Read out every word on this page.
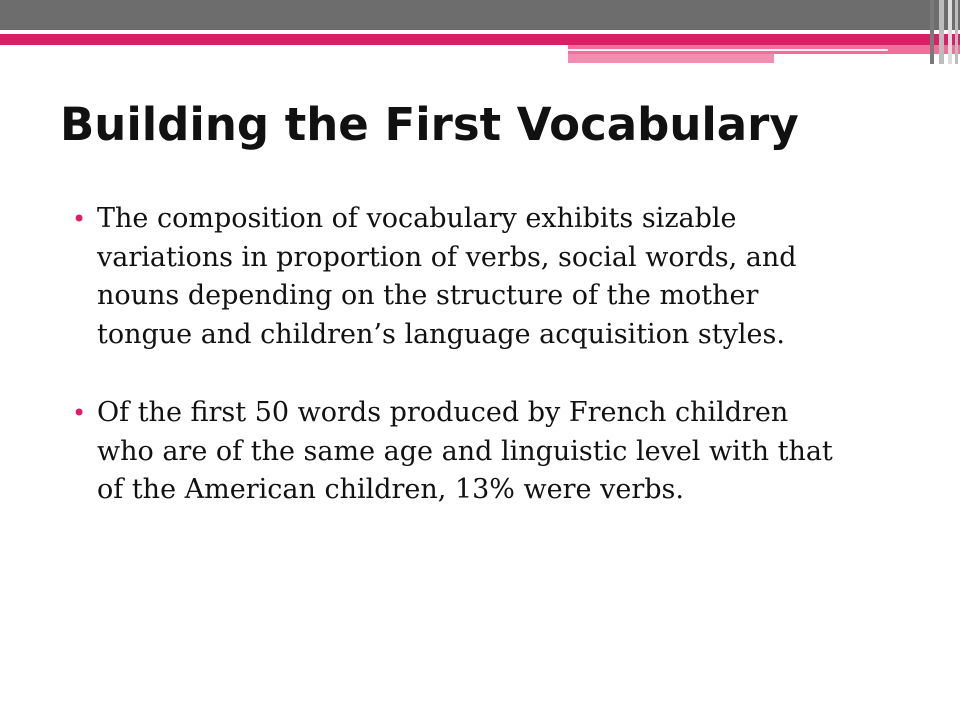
Building the First Vocabulary
• The composition of vocabulary exhibits sizable variations in proportion of verbs, social words, and nouns depending on the structure of the mother tongue and children’s language acquisition styles.
• Of the first 50 words produced by French children who are of the same age and linguistic level with that of the American children, 13% were verbs.
